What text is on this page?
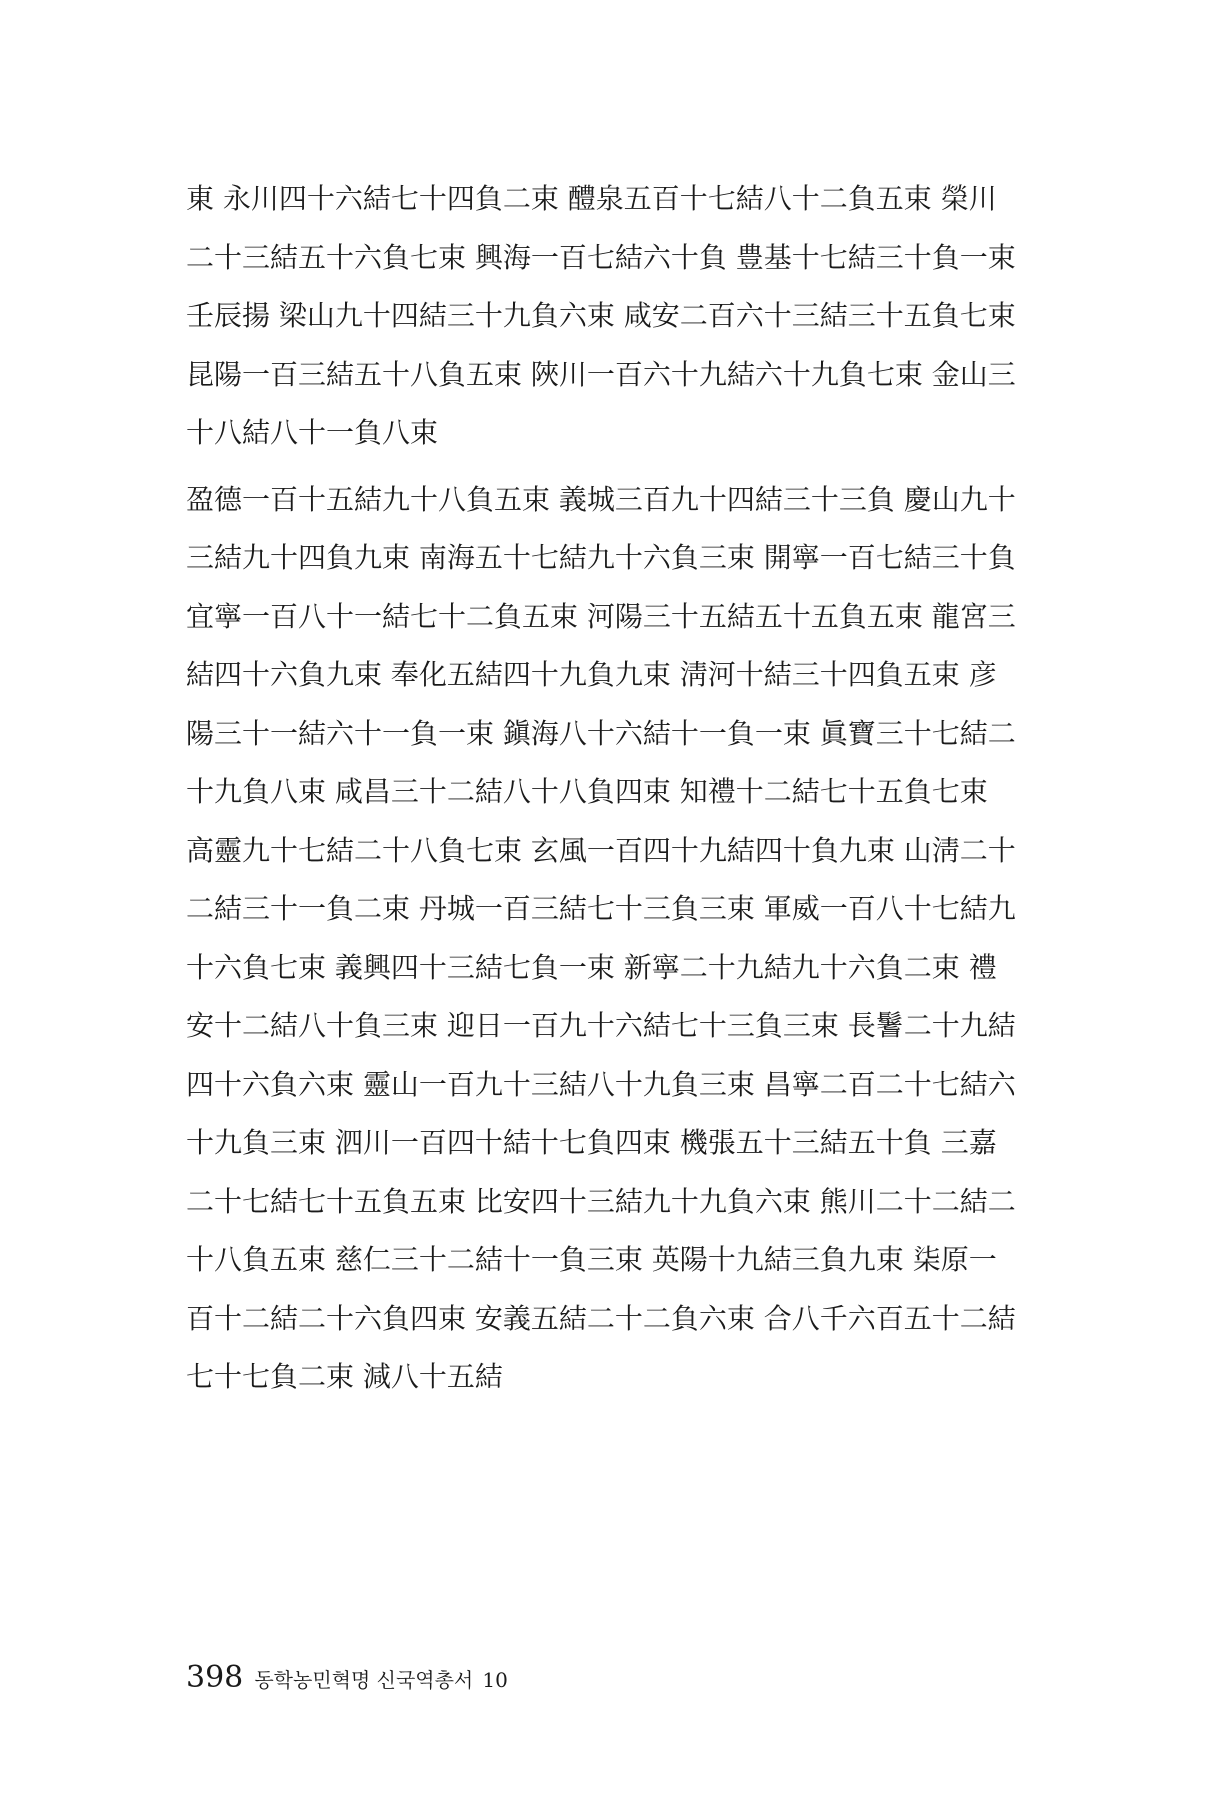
東 永川四十六結七十四負二束 醴泉五百十七結八十二負五束 榮川
二十三結五十六負七束 興海一百七結六十負 豊基十七結三十負一束
壬辰揚 梁山九十四結三十九負六束 咸安二百六十三結三十五負七束
昆陽一百三結五十八負五束 陜川一百六十九結六十九負七束 金山三
十八結八十一負八束
盈德一百十五結九十八負五束 義城三百九十四結三十三負 慶山九十
三結九十四負九束 南海五十七結九十六負三束 開寧一百七結三十負
宜寧一百八十一結七十二負五束 河陽三十五結五十五負五束 龍宮三
結四十六負九束 奉化五結四十九負九束 淸河十結三十四負五束 彦
陽三十一結六十一負一束 鎭海八十六結十一負一束 眞寶三十七結二
十九負八束 咸昌三十二結八十八負四束 知禮十二結七十五負七束
高靈九十七結二十八負七束 玄風一百四十九結四十負九束 山淸二十
二結三十一負二束 丹城一百三結七十三負三束 軍威一百八十七結九
十六負七束 義興四十三結七負一束 新寧二十九結九十六負二束 禮
安十二結八十負三束 迎日一百九十六結七十三負三束 長鬐二十九結
四十六負六束 靈山一百九十三結八十九負三束 昌寧二百二十七結六
十九負三束 泗川一百四十結十七負四束 機張五十三結五十負 三嘉
二十七結七十五負五束 比安四十三結九十九負六束 熊川二十二結二
十八負五束 慈仁三十二結十一負三束 英陽十九結三負九束 柒原一
百十二結二十六負四束 安義五結二十二負六束 合八千六百五十二結
七十七負二束 減八十五結
398 동학농민혁명 신국역총서 10
